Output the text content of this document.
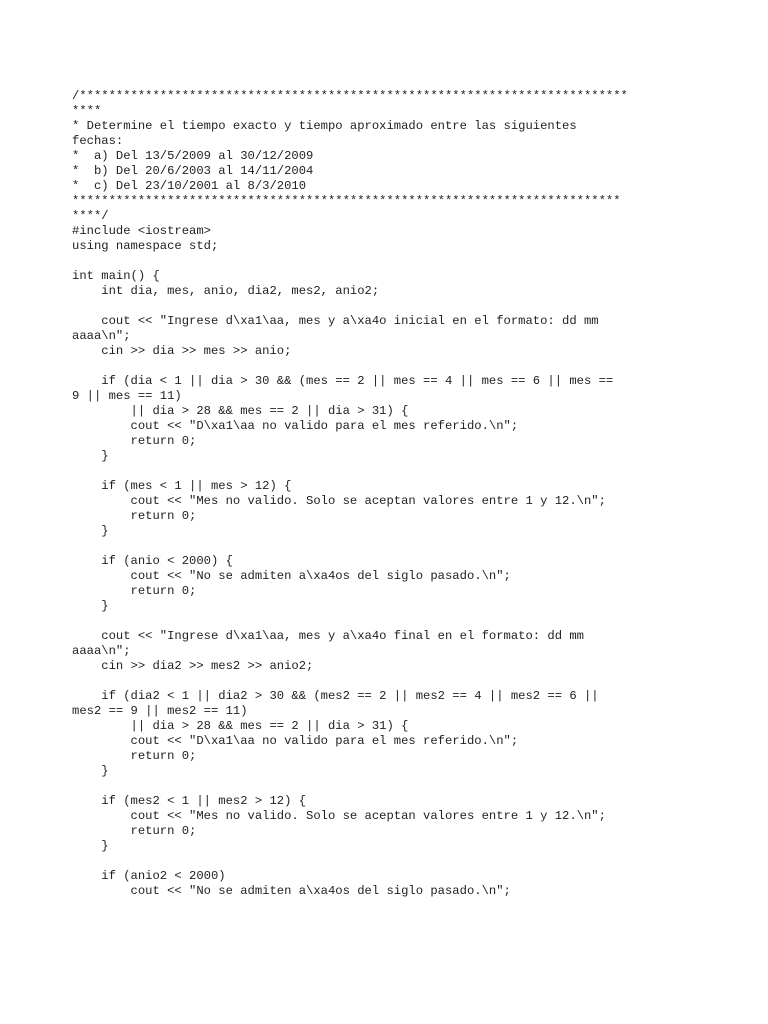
/***************************************************************************
****
* Determine el tiempo exacto y tiempo aproximado entre las siguientes
fechas:
*  a) Del 13/5/2009 al 30/12/2009
*  b) Del 20/6/2003 al 14/11/2004
*  c) Del 23/10/2001 al 8/3/2010
***************************************************************************
****/
#include <iostream>
using namespace std;
int main() {
int dia, mes, anio, dia2, mes2, anio2;
cout << "Ingrese d\xa1\aa, mes y a\xa4o inicial en el formato: dd mm
aaaa\n";
cin >> dia >> mes >> anio;
if (dia < 1 || dia > 30 && (mes == 2 || mes == 4 || mes == 6 || mes ==
9 || mes == 11)
|| dia > 28 && mes == 2 || dia > 31) {
cout << "D\xa1\aa no valido para el mes referido.\n";
return 0;
}
if (mes < 1 || mes > 12) {
cout << "Mes no valido. Solo se aceptan valores entre 1 y 12.\n";
return 0;
}
if (anio < 2000) {
cout << "No se admiten a\xa4os del siglo pasado.\n";
return 0;
}
cout << "Ingrese d\xa1\aa, mes y a\xa4o final en el formato: dd mm
aaaa\n";
cin >> dia2 >> mes2 >> anio2;
if (dia2 < 1 || dia2 > 30 && (mes2 == 2 || mes2 == 4 || mes2 == 6 ||
mes2 == 9 || mes2 == 11)
|| dia > 28 && mes == 2 || dia > 31) {
cout << "D\xa1\aa no valido para el mes referido.\n";
return 0;
}
if (mes2 < 1 || mes2 > 12) {
cout << "Mes no valido. Solo se aceptan valores entre 1 y 12.\n";
return 0;
}
if (anio2 < 2000)
cout << "No se admiten a\xa4os del siglo pasado.\n";
